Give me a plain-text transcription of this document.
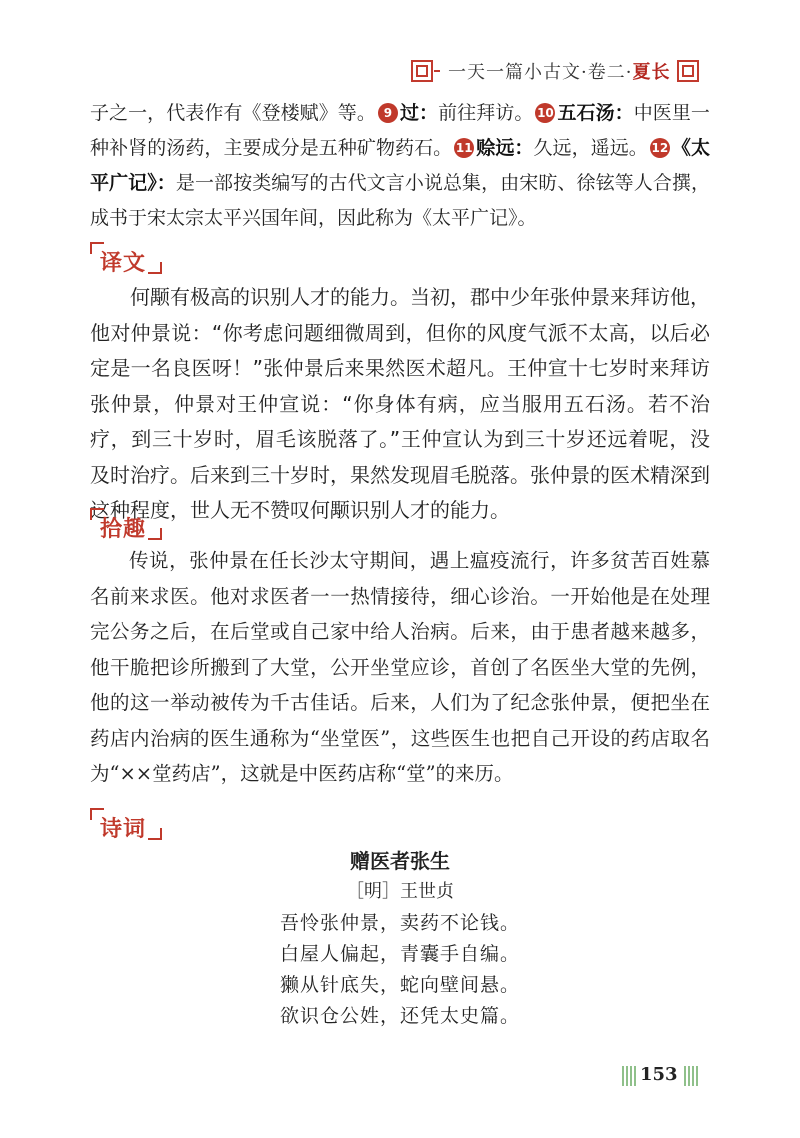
一天一篇小古文·卷二·夏长

子之一，代表作有《登楼赋》等。 9 过：前往拜访。 10 五石汤：中医里一种补肾的汤药，主要成分是五种矿物药石。 11 赊远：久远，遥远。 12 《太平广记》：是一部按类编写的古代文言小说总集，由宋昉、徐铉等人合撰，成书于宋太宗太平兴国年间，因此称为《太平广记》。

译文

何颙有极高的识别人才的能力。当初，郡中少年张仲景来拜访他，他对仲景说：“你考虑问题细微周到，但你的风度气派不太高，以后必定是一名良医呀！”张仲景后来果然医术超凡。王仲宣十七岁时来拜访张仲景，仲景对王仲宣说：“你身体有病，应当服用五石汤。若不治疗，到三十岁时，眉毛该脱落了。”王仲宣认为到三十岁还远着呢，没及时治疗。后来到三十岁时，果然发现眉毛脱落。张仲景的医术精深到这种程度，世人无不赞叹何颙识别人才的能力。

拾趣

传说，张仲景在任长沙太守期间，遇上瘟疫流行，许多贫苦百姓慕名前来求医。他对求医者一一热情接待，细心诊治。一开始他是在处理完公务之后，在后堂或自己家中给人治病。后来，由于患者越来越多，他干脆把诊所搬到了大堂，公开坐堂应诊，首创了名医坐大堂的先例，他的这一举动被传为千古佳话。后来，人们为了纪念张仲景，便把坐在药店内治病的医生通称为“坐堂医”，这些医生也把自己开设的药店取名为“××堂药店”，这就是中医药店称“堂”的来历。

诗词
赠医者张生
［明］王世贞
吾怜张仲景，卖药不论钱。
白屋人偏起，青囊手自编。
獭从针底失，蛇向壁间悬。
欲识仓公姓，还凭太史篇。
153
